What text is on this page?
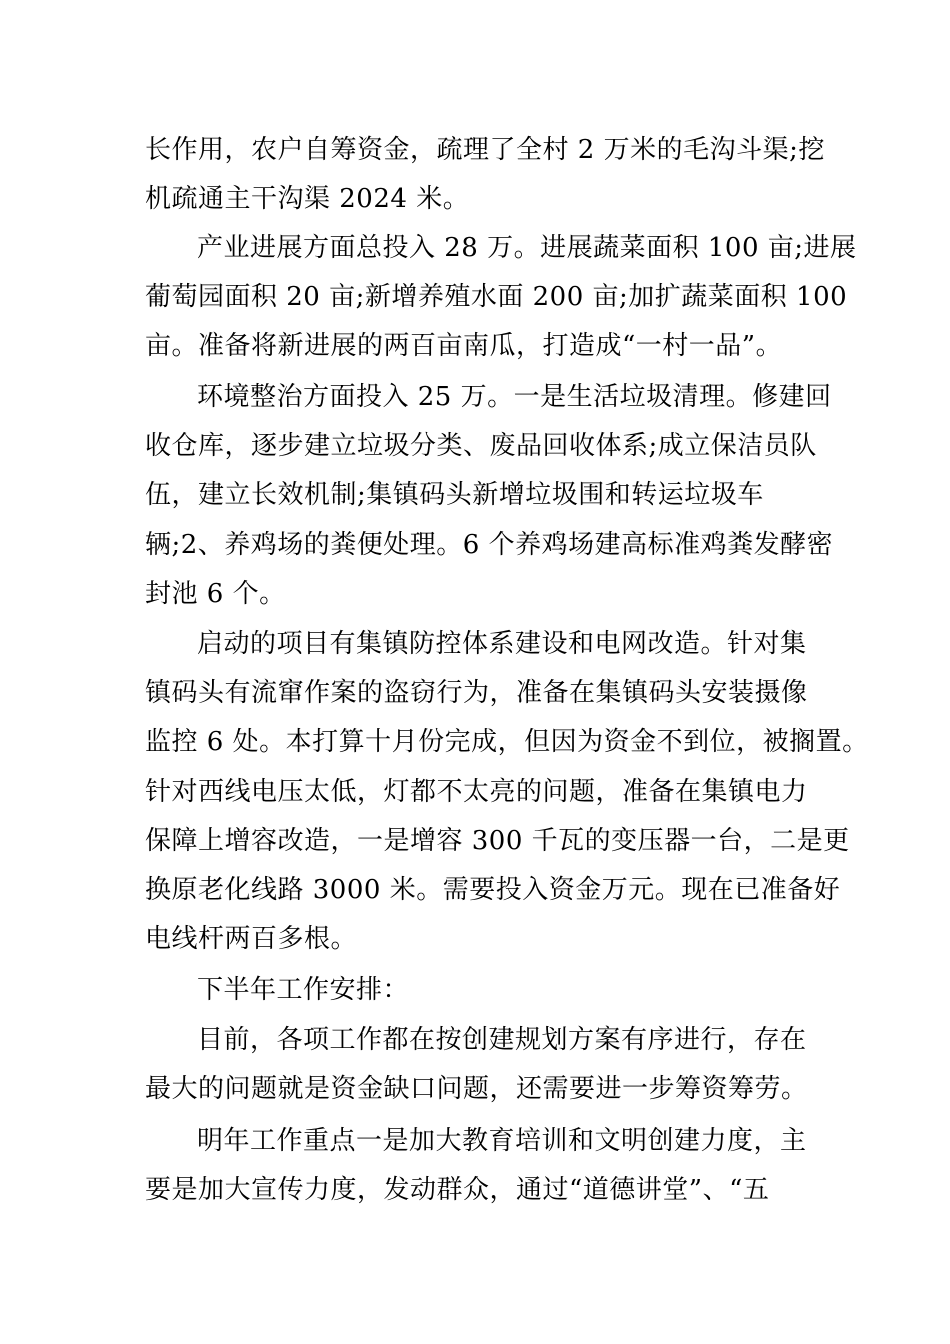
长作用，农户自筹资金，疏理了全村 2 万米的毛沟斗渠;挖
机疏通主干沟渠 2024 米。
产业进展方面总投入 28 万。进展蔬菜面积 100 亩;进展
葡萄园面积 20 亩;新增养殖水面 200 亩;加扩蔬菜面积 100
亩。准备将新进展的两百亩南瓜，打造成“一村一品”。
环境整治方面投入 25 万。一是生活垃圾清理。修建回
收仓库，逐步建立垃圾分类、废品回收体系;成立保洁员队
伍，建立长效机制;集镇码头新增垃圾围和转运垃圾车
辆;2、养鸡场的粪便处理。6 个养鸡场建高标准鸡粪发酵密
封池 6 个。
启动的项目有集镇防控体系建设和电网改造。针对集
镇码头有流窜作案的盗窃行为，准备在集镇码头安装摄像
监控 6 处。本打算十月份完成，但因为资金不到位，被搁置。
针对西线电压太低，灯都不太亮的问题，准备在集镇电力
保障上增容改造，一是增容 300 千瓦的变压器一台，二是更
换原老化线路 3000 米。需要投入资金万元。现在已准备好
电线杆两百多根。
下半年工作安排：
目前，各项工作都在按创建规划方案有序进行，存在
最大的问题就是资金缺口问题，还需要进一步筹资筹劳。
明年工作重点一是加大教育培训和文明创建力度，主
要是加大宣传力度，发动群众，通过“道德讲堂”、“五
